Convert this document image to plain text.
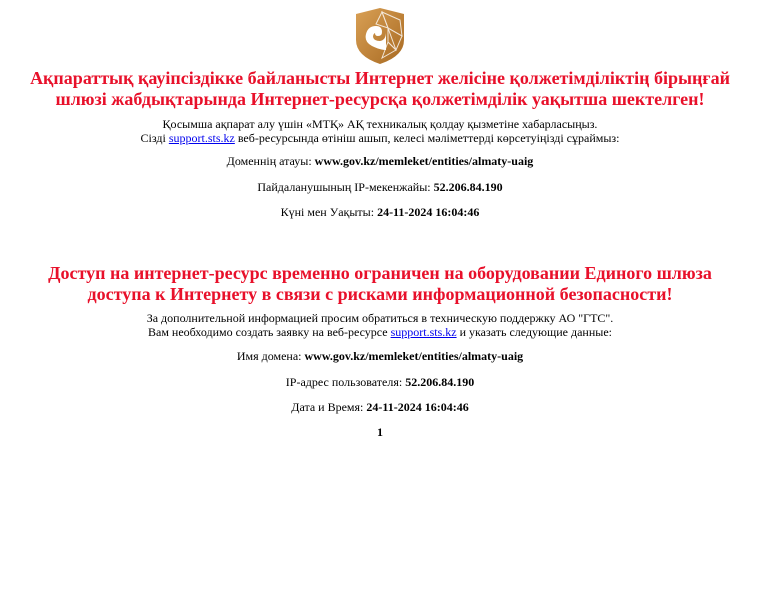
Ақпараттық қауіпсіздікке байланысты Интернет желісіне қолжетімділіктің бірыңғай шлюзі жабдықтарында Интернет-ресурсқа қолжетімділік уақытша шектелген!

Қосымша ақпарат алу үшін «МТҚ» АҚ техникалық қолдау қызметіне хабарласыңыз.

Сізді support.sts.kz веб-ресурсында өтініш ашып, келесі мәліметтерді көрсетуіңізді сұраймыз:

Доменнің атауы: www.gov.kz/memleket/entities/almaty-uaig

Пайдаланушының IP-мекенжайы: 52.206.84.190

Күні мен Уақыты: 24-11-2024 16:04:46

Доступ на интернет-ресурс временно ограничен на оборудовании Единого шлюза доступа к Интернету в связи с рисками информационной безопасности!

За дополнительной информацией просим обратиться в техническую поддержку АО "ГТС".

Вам необходимо создать заявку на веб-ресурсе support.sts.kz и указать следующие данные:

Имя домена: www.gov.kz/memleket/entities/almaty-uaig

IP-адрес пользователя: 52.206.84.190

Дата и Время: 24-11-2024 16:04:46

1
